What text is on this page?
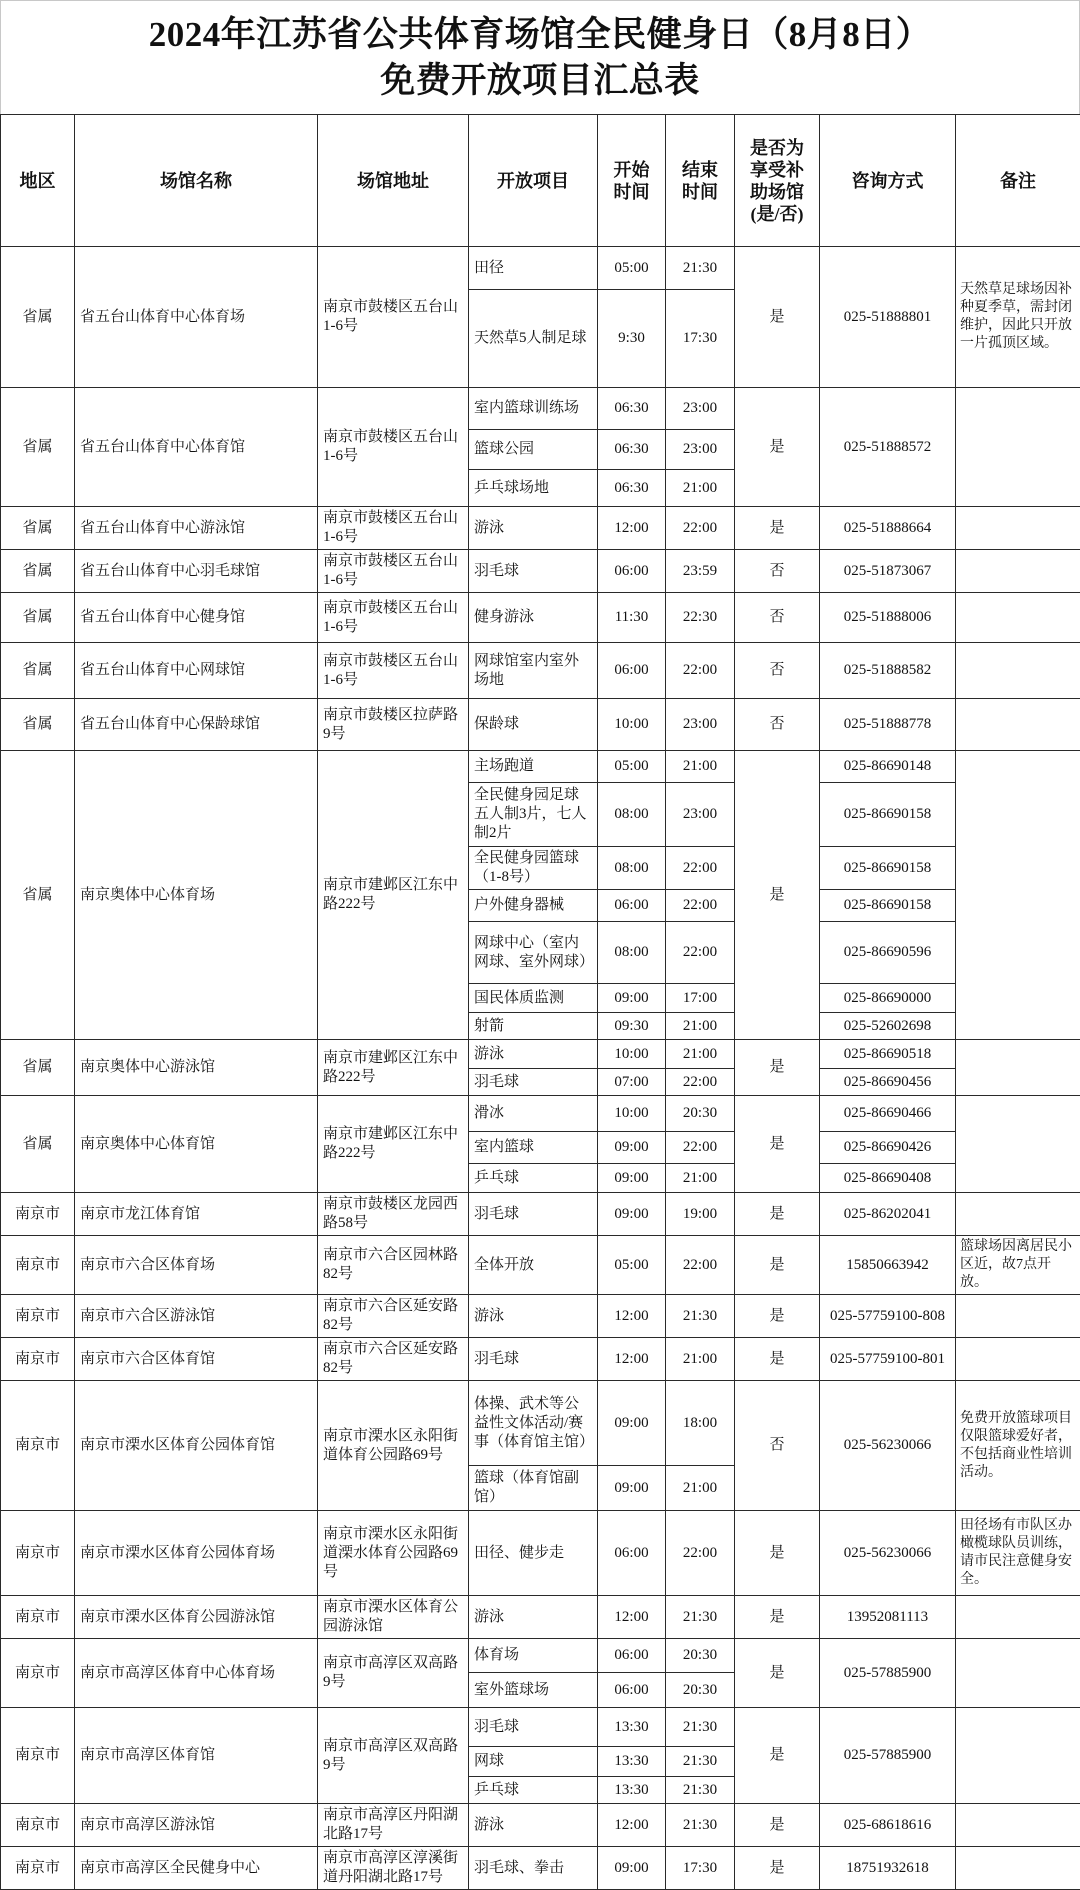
2024年江苏省公共体育场馆全民健身日（8月8日）
免费开放项目汇总表
地区	场馆名称	场馆地址	开放项目	开始时间	结束时间	是否为享受补助场馆(是/否)	咨询方式	备注
省属	省五台山体育中心体育场	南京市鼓楼区五台山1-6号	田径	05:00	21:30	是	025-51888801	天然草足球场因补种夏季草，需封闭维护，因此只开放一片孤顶区域。
			天然草5人制足球	9:30	17:30			
省属	省五台山体育中心体育馆	南京市鼓楼区五台山1-6号	室内篮球训练场	06:30	23:00	是	025-51888572	
			篮球公园	06:30	23:00			
			乒乓球场地	06:30	21:00			
省属	省五台山体育中心游泳馆	南京市鼓楼区五台山1-6号	游泳	12:00	22:00	是	025-51888664	
省属	省五台山体育中心羽毛球馆	南京市鼓楼区五台山1-6号	羽毛球	06:00	23:59	否	025-51873067	
省属	省五台山体育中心健身馆	南京市鼓楼区五台山1-6号	健身游泳	11:30	22:30	否	025-51888006	
省属	省五台山体育中心网球馆	南京市鼓楼区五台山1-6号	网球馆室内室外场地	06:00	22:00	否	025-51888582	
省属	省五台山体育中心保龄球馆	南京市鼓楼区拉萨路9号	保龄球	10:00	23:00	否	025-51888778	
省属	南京奥体中心体育场	南京市建邺区江东中路222号	主场跑道	05:00	21:00	是	025-86690148	
			全民健身园足球五人制3片，七人制2片	08:00	23:00		025-86690158	
			全民健身园篮球（1-8号）	08:00	22:00		025-86690158	
			户外健身器械	06:00	22:00		025-86690158	
			网球中心（室内网球、室外网球）	08:00	22:00		025-86690596	
			国民体质监测	09:00	17:00		025-86690000	
			射箭	09:30	21:00		025-52602698	
省属	南京奥体中心游泳馆	南京市建邺区江东中路222号	游泳	10:00	21:00	是	025-86690518	
			羽毛球	07:00	22:00		025-86690456	
省属	南京奥体中心体育馆	南京市建邺区江东中路222号	滑冰	10:00	20:30	是	025-86690466	
			室内篮球	09:00	22:00		025-86690426	
			乒乓球	09:00	21:00		025-86690408	
南京市	南京市龙江体育馆	南京市鼓楼区龙园西路58号	羽毛球	09:00	19:00	是	025-86202041	
南京市	南京市六合区体育场	南京市六合区园林路82号	全体开放	05:00	22:00	是	15850663942	篮球场因离居民小区近，故7点开放。
南京市	南京市六合区游泳馆	南京市六合区延安路82号	游泳	12:00	21:30	是	025-57759100-808	
南京市	南京市六合区体育馆	南京市六合区延安路82号	羽毛球	12:00	21:00	是	025-57759100-801	
南京市	南京市溧水区体育公园体育馆	南京市溧水区永阳街道体育公园路69号	体操、武术等公益性文体活动/赛事（体育馆主馆）	09:00	18:00	否	025-56230066	免费开放篮球项目仅限篮球爱好者，不包括商业性培训活动。
			篮球（体育馆副馆）	09:00	21:00			
南京市	南京市溧水区体育公园体育场	南京市溧水区永阳街道溧水体育公园路69号	田径、健步走	06:00	22:00	是	025-56230066	田径场有市队区办橄榄球队员训练，请市民注意健身安全。
南京市	南京市溧水区体育公园游泳馆	南京市溧水区体育公园游泳馆	游泳	12:00	21:30	是	13952081113	
南京市	南京市高淳区体育中心体育场	南京市高淳区双高路9号	体育场	06:00	20:30	是	025-57885900	
			室外篮球场	06:00	20:30			
南京市	南京市高淳区体育馆	南京市高淳区双高路9号	羽毛球	13:30	21:30	是	025-57885900	
			网球	13:30	21:30			
			乒乓球	13:30	21:30			
南京市	南京市高淳区游泳馆	南京市高淳区丹阳湖北路17号	游泳	12:00	21:30	是	025-68618616	
南京市	南京市高淳区全民健身中心	南京市高淳区淳溪街道丹阳湖北路17号	羽毛球、拳击	09:00	17:30	是	18751932618	
